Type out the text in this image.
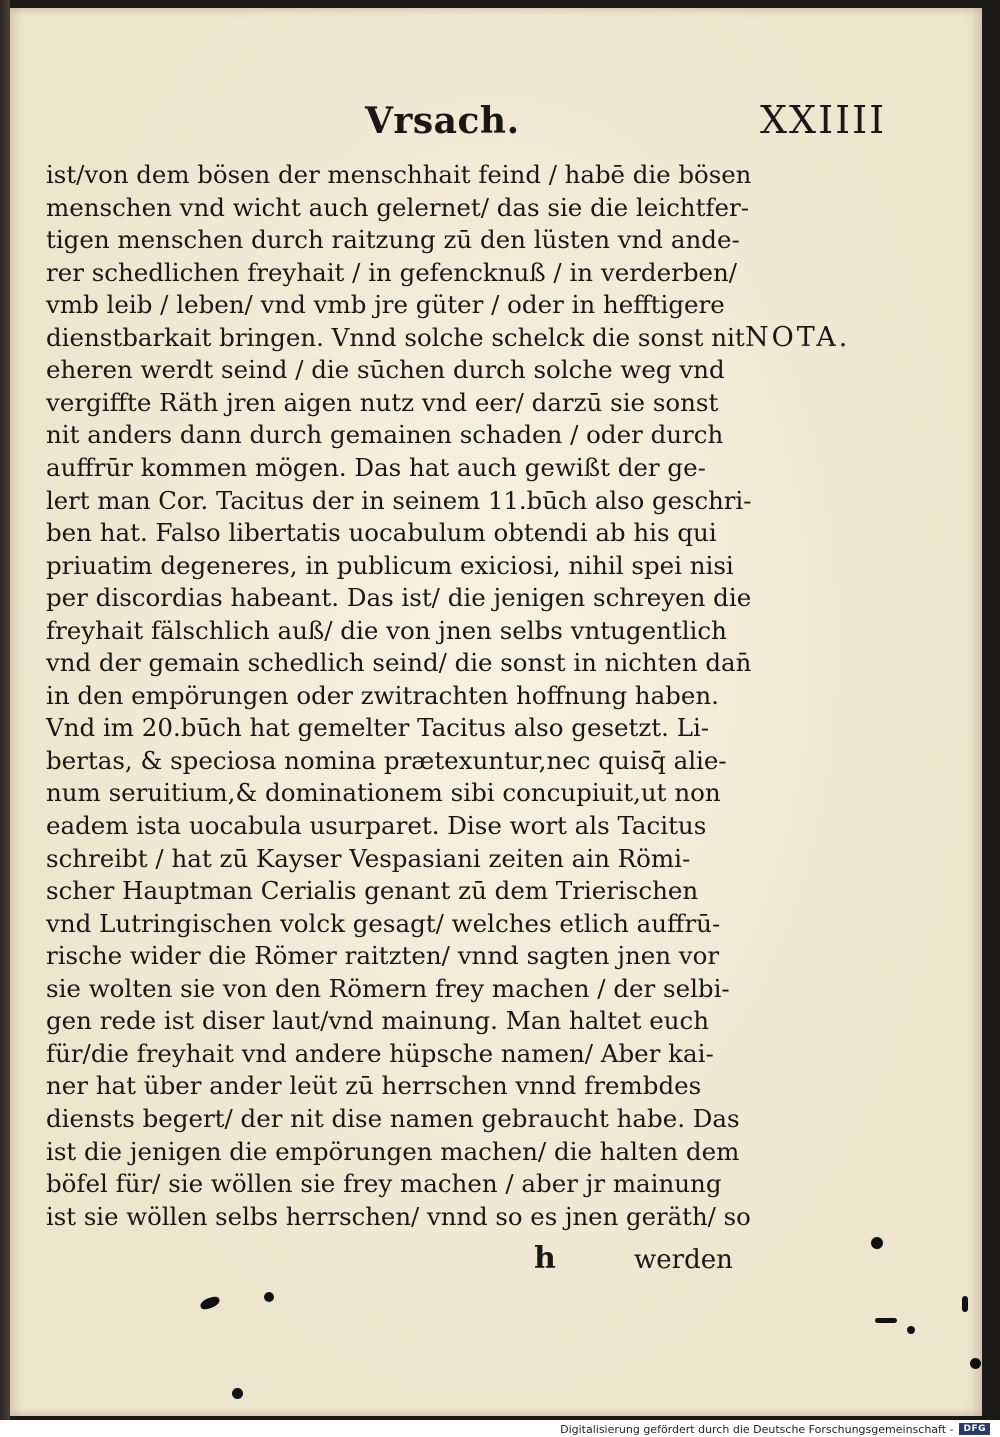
Vrsach.	XXIIII
ist/von dem bösen der menschhait feind / habē die bösen
menschen vnd wicht auch gelernet/ das sie die leichtfer-
tigen menschen durch raitzung zū den lüsten vnd ande-
rer schedlichen freyhait / in gefencknuß / in verderben/
vmb leib / leben/ vnd vmb jre güter / oder in hefftigere
dienstbarkait bringen. Vnnd solche schelck die sonst nit
eheren werdt seind / die sūchen durch solche weg vnd
vergiffte Räth jren aigen nutz vnd eer/ darzū sie sonst
nit anders dann durch gemainen schaden / oder durch
auffrūr kommen mögen. Das hat auch gewißt der ge-
lert man Cor. Tacitus der in seinem 11.būch also geschri-
ben hat. Falso libertatis uocabulum obtendi ab his qui
priuatim degeneres, in publicum exiciosi, nihil spei nisi
per discordias habeant. Das ist/ die jenigen schreyen die
freyhait fälschlich auß/ die von jnen selbs vntugentlich
vnd der gemain schedlich seind/ die sonst in nichten dan̄
in den empörungen oder zwitrachten hoffnung haben.
Vnd im 20.būch hat gemelter Tacitus also gesetzt. Li-
bertas, & speciosa nomina prætexuntur,nec quisq̄ alie-
num seruitium,& dominationem sibi concupiuit,ut non
eadem ista uocabula usurparet. Dise wort als Tacitus
schreibt / hat zū Kayser Vespasiani zeiten ain Römi-
scher Hauptman Cerialis genant zū dem Trierischen
vnd Lutringischen volck gesagt/ welches etlich auffrū-
rische wider die Römer raitzten/ vnnd sagten jnen vor
sie wolten sie von den Römern frey machen / der selbi-
gen rede ist diser laut/vnd mainung. Man haltet euch
für/die freyhait vnd andere hüpsche namen/ Aber kai-
ner hat über ander leüt zū herrschen vnnd frembdes
diensts begert/ der nit dise namen gebraucht habe. Das
ist die jenigen die empörungen machen/ die halten dem
böfel für/ sie wöllen sie frey machen / aber jr mainung
ist sie wöllen selbs herrschen/ vnnd so es jnen geräth/ so
NOTA.
h	werden
Digitalisierung gefördert durch die Deutsche Forschungsgemeinschaft -	DFG
